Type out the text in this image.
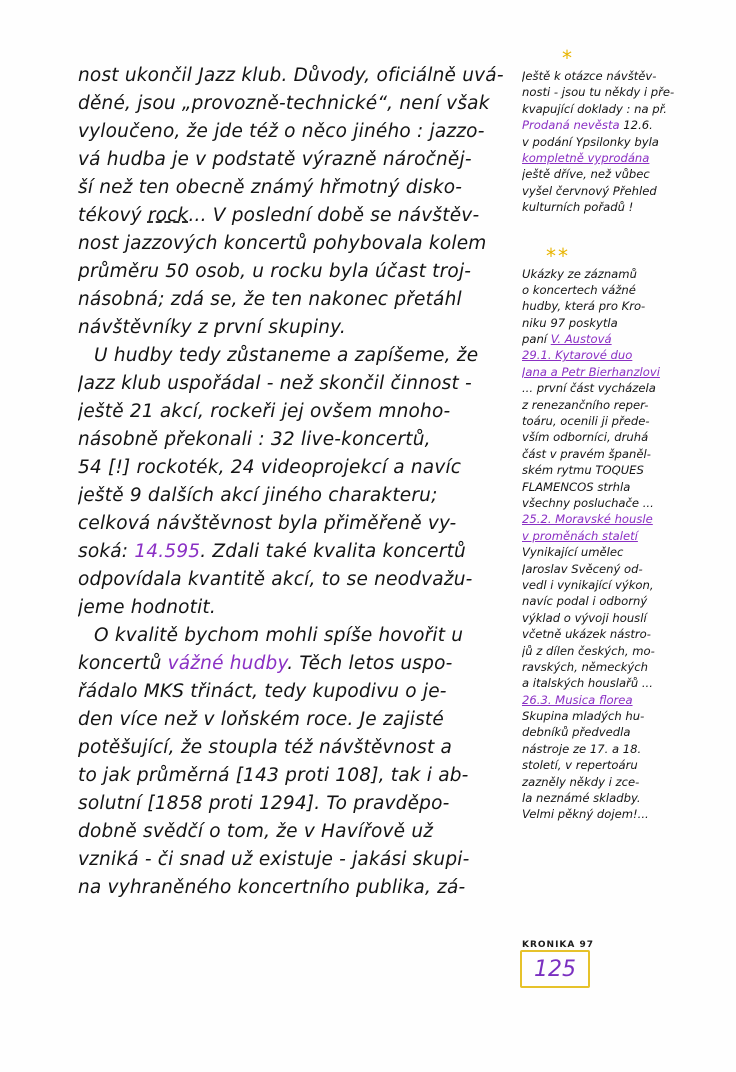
nost ukončil Jazz klub. Důvody, oficiálně uvá-
děné, jsou „provozně-technické“, není však
vyloučeno, že jde též o něco jiného : jazzo-
vá hudba je v podstatě výrazně náročněj-
ší než ten obecně známý hřmotný disko-
tékový rock... V poslední době se návštěv-
nost jazzových koncertů pohybovala kolem
průměru 50 osob, u rocku byla účast troj-
násobná; zdá se, že ten nakonec přetáhl
návštěvníky z první skupiny.
U hudby tedy zůstaneme a zapíšeme, že
Jazz klub uspořádal - než skončil činnost -
ještě 21 akcí, rockeři jej ovšem mnoho-
násobně překonali : 32 live-koncertů,
54 [!] rockoték, 24 videoprojekcí a navíc
ještě 9 dalších akcí jiného charakteru;
celková návštěvnost byla přiměřeně vy-
soká: 14.595. Zdali také kvalita koncertů
odpovídala kvantitě akcí, to se neodvažu-
jeme hodnotit.
O kvalitě bychom mohli spíše hovořit u
koncertů vážné hudby. Těch letos uspo-
řádalo MKS třináct, tedy kupodivu o je-
den více než v loňském roce. Je zajisté
potěšující, že stoupla též návštěvnost a
to jak průměrná [143 proti 108], tak i ab-
solutní [1858 proti 1294]. To pravděpo-
dobně svědčí o tom, že v Havířově už
vzniká - či snad už existuje - jakási skupi-
na vyhraněného koncertního publika, zá-
*
Ještě k otázce návštěv-
nosti - jsou tu někdy i pře-
kvapující doklady : na př.
Prodaná nevěsta 12.6.
v podání Ypsilonky byla
kompletně vyprodána
ještě dříve, než vůbec
vyšel červnový Přehled
kulturních pořadů !
**
Ukázky ze záznamů
o koncertech vážné
hudby, která pro Kro-
niku 97 poskytla
paní V. Austová
29.1. Kytarové duo
Jana a Petr Bierhanzlovi
... první část vycházela
z renezančního reper-
toáru, ocenili ji přede-
vším odborníci, druhá
část v pravém španěl-
ském rytmu TOQUES
FLAMENCOS strhla
všechny posluchače ...
25.2. Moravské housle
v proměnách staletí
Vynikající umělec
Jaroslav Svěcený od-
vedl i vynikající výkon,
navíc podal i odborný
výklad o vývoji houslí
včetně ukázek nástro-
jů z dílen českých, mo-
ravských, německých
a italských houslařů ...
26.3. Musica florea
Skupina mladých hu-
debníků předvedla
nástroje ze 17. a 18.
století, v repertoáru
zazněly někdy i zce-
la neznámé skladby.
Velmi pěkný dojem!...
KRONIKA 97
125
